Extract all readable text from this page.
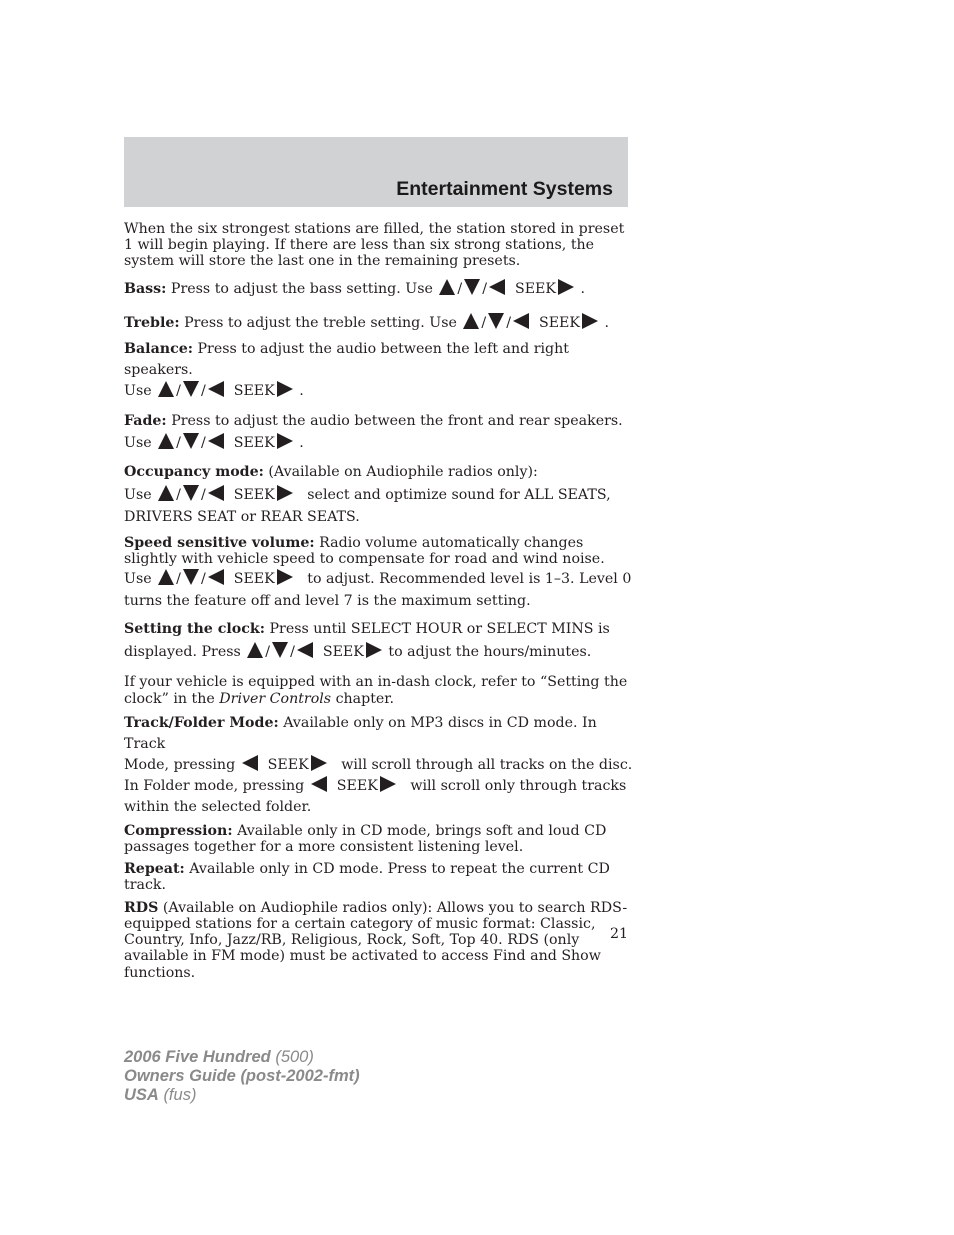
Entertainment Systems

When the six strongest stations are filled, the station stored in preset 1 will begin playing. If there are less than six strong stations, the system will store the last one in the remaining presets.

Bass: Press to adjust the bass setting. Use / / SEEK .

Treble: Press to adjust the treble setting. Use / / SEEK .

Balance: Press to adjust the audio between the left and right speakers.
Use / / SEEK .

Fade: Press to adjust the audio between the front and rear speakers.
Use / / SEEK .

Occupancy mode: (Available on Audiophile radios only):
Use / / SEEK select and optimize sound for ALL SEATS,
DRIVERS SEAT or REAR SEATS.

Speed sensitive volume: Radio volume automatically changes slightly with vehicle speed to compensate for road and wind noise.

Use / / SEEK to adjust. Recommended level is 1–3. Level 0
turns the feature off and level 7 is the maximum setting.

Setting the clock: Press until SELECT HOUR or SELECT MINS is
displayed. Press / / SEEK to adjust the hours/minutes.

If your vehicle is equipped with an in-dash clock, refer to “Setting the clock” in the Driver Controls chapter.

Track/Folder Mode: Available only on MP3 discs in CD mode. In Track
Mode, pressing SEEK will scroll through all tracks on the disc.
In Folder mode, pressing SEEK will scroll only through tracks
within the selected folder.

Compression: Available only in CD mode, brings soft and loud CD passages together for a more consistent listening level.

Repeat: Available only in CD mode. Press to repeat the current CD track.

RDS (Available on Audiophile radios only): Allows you to search RDS-equipped stations for a certain category of music format: Classic, Country, Info, Jazz/RB, Religious, Rock, Soft, Top 40. RDS (only available in FM mode) must be activated to access Find and Show functions.

21
2006 Five Hundred (500)
Owners Guide (post-2002-fmt)
USA (fus)
